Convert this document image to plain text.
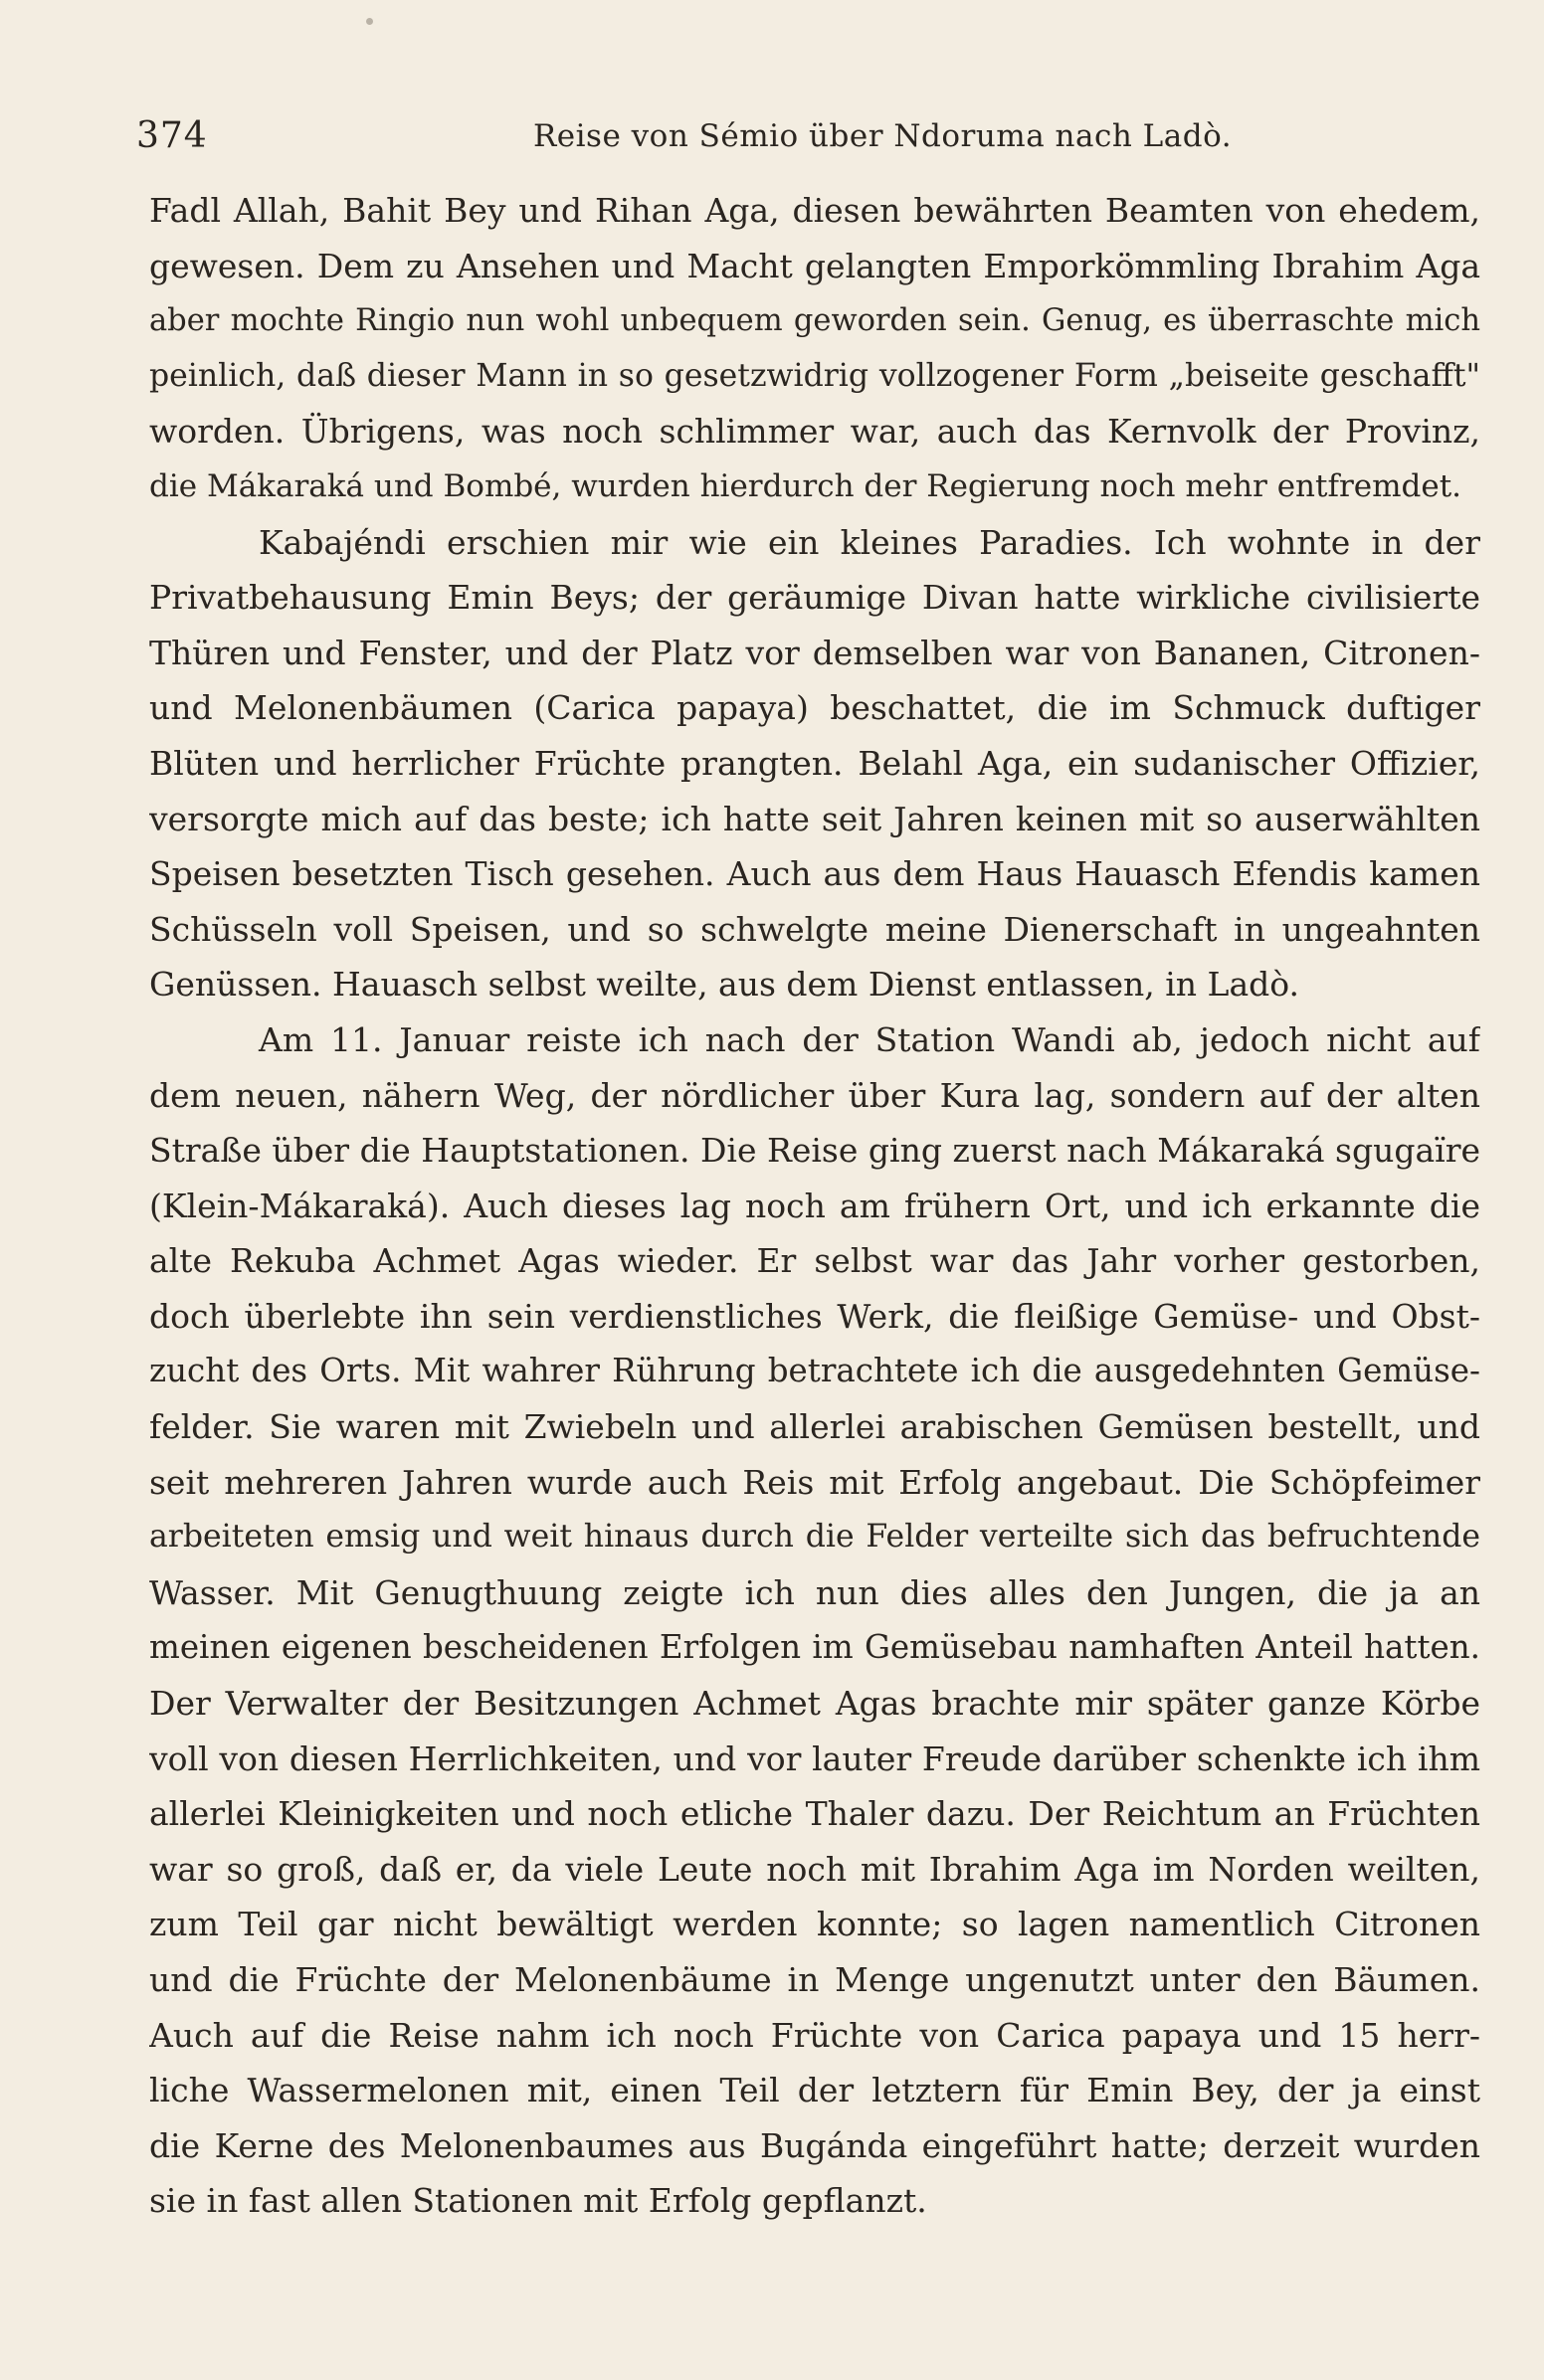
374	Reise von Sémio über Ndoruma nach Ladò.
Fadl Allah, Bahit Bey und Rihan Aga, diesen bewährten Beamten von ehedem,
gewesen. Dem zu Ansehen und Macht gelangten Emporkömmling Ibrahim Aga
aber mochte Ringio nun wohl unbequem geworden sein. Genug, es überraschte mich
peinlich, daß dieser Mann in so gesetzwidrig vollzogener Form „beiseite geschafft"
worden. Übrigens, was noch schlimmer war, auch das Kernvolk der Provinz,
die Mákaraká und Bombé, wurden hierdurch der Regierung noch mehr entfremdet.
Kabajéndi erschien mir wie ein kleines Paradies. Ich wohnte in der
Privatbehausung Emin Beys; der geräumige Divan hatte wirkliche civilisierte
Thüren und Fenster, und der Platz vor demselben war von Bananen, Citronen-
und Melonenbäumen (Carica papaya) beschattet, die im Schmuck duftiger
Blüten und herrlicher Früchte prangten. Belahl Aga, ein sudanischer Offizier,
versorgte mich auf das beste; ich hatte seit Jahren keinen mit so auserwählten
Speisen besetzten Tisch gesehen. Auch aus dem Haus Hauasch Efendis kamen
Schüsseln voll Speisen, und so schwelgte meine Dienerschaft in ungeahnten
Genüssen. Hauasch selbst weilte, aus dem Dienst entlassen, in Ladò.
Am 11. Januar reiste ich nach der Station Wandi ab, jedoch nicht auf
dem neuen, nähern Weg, der nördlicher über Kura lag, sondern auf der alten
Straße über die Hauptstationen. Die Reise ging zuerst nach Mákaraká sgugaïre
(Klein-Mákaraká). Auch dieses lag noch am frühern Ort, und ich erkannte die
alte Rekuba Achmet Agas wieder. Er selbst war das Jahr vorher gestorben,
doch überlebte ihn sein verdienstliches Werk, die fleißige Gemüse- und Obst-
zucht des Orts. Mit wahrer Rührung betrachtete ich die ausgedehnten Gemüse-
felder. Sie waren mit Zwiebeln und allerlei arabischen Gemüsen bestellt, und
seit mehreren Jahren wurde auch Reis mit Erfolg angebaut. Die Schöpfeimer
arbeiteten emsig und weit hinaus durch die Felder verteilte sich das befruchtende
Wasser. Mit Genugthuung zeigte ich nun dies alles den Jungen, die ja an
meinen eigenen bescheidenen Erfolgen im Gemüsebau namhaften Anteil hatten.
Der Verwalter der Besitzungen Achmet Agas brachte mir später ganze Körbe
voll von diesen Herrlichkeiten, und vor lauter Freude darüber schenkte ich ihm
allerlei Kleinigkeiten und noch etliche Thaler dazu. Der Reichtum an Früchten
war so groß, daß er, da viele Leute noch mit Ibrahim Aga im Norden weilten,
zum Teil gar nicht bewältigt werden konnte; so lagen namentlich Citronen
und die Früchte der Melonenbäume in Menge ungenutzt unter den Bäumen.
Auch auf die Reise nahm ich noch Früchte von Carica papaya und 15 herr-
liche Wassermelonen mit, einen Teil der letztern für Emin Bey, der ja einst
die Kerne des Melonenbaumes aus Bugánda eingeführt hatte; derzeit wurden
sie in fast allen Stationen mit Erfolg gepflanzt.
